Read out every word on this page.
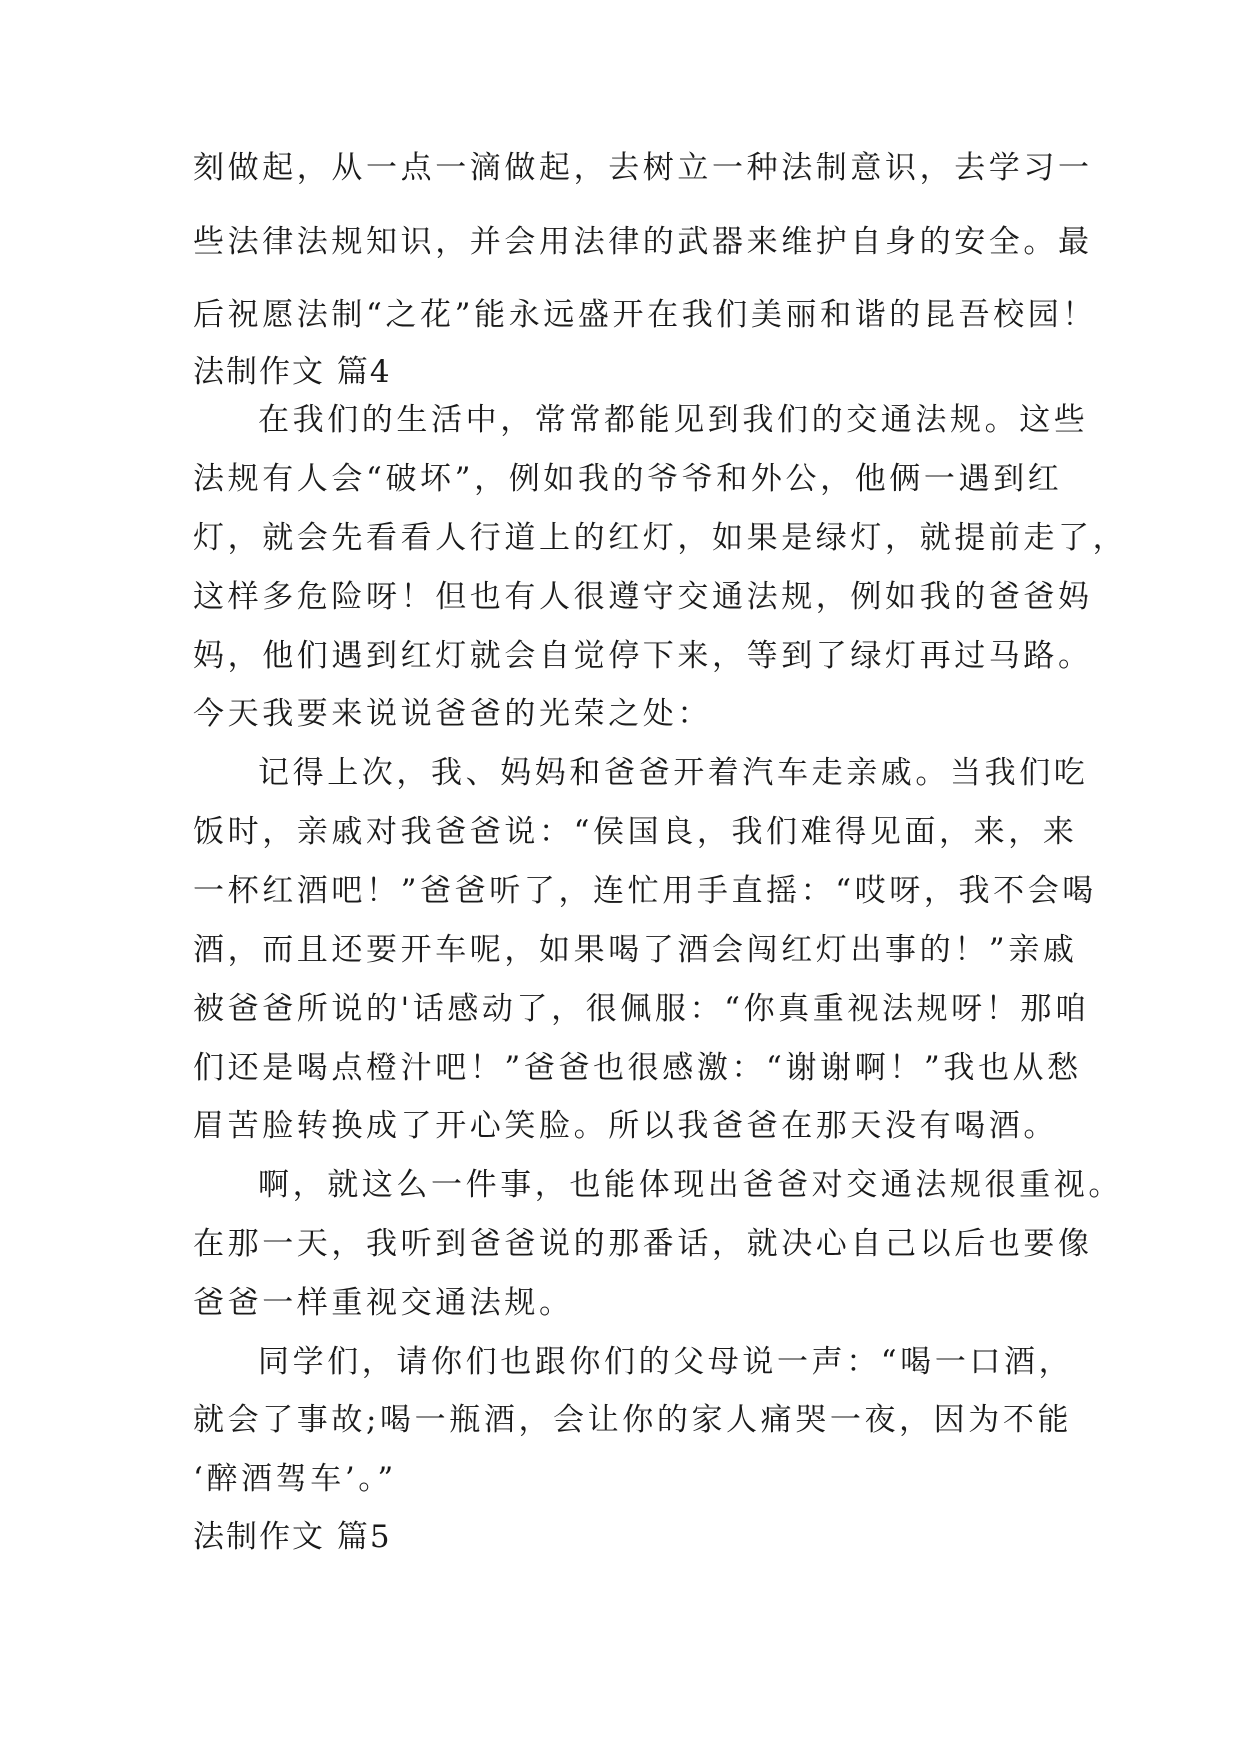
刻做起，从一点一滴做起，去树立一种法制意识，去学习一
些法律法规知识，并会用法律的武器来维护自身的安全。最
后祝愿法制“之花”能永远盛开在我们美丽和谐的昆吾校园！
法制作文 篇4
在我们的生活中，常常都能见到我们的交通法规。这些
法规有人会“破坏”，例如我的爷爷和外公，他俩一遇到红
灯，就会先看看人行道上的红灯，如果是绿灯，就提前走了，
这样多危险呀！但也有人很遵守交通法规，例如我的爸爸妈
妈，他们遇到红灯就会自觉停下来，等到了绿灯再过马路。
今天我要来说说爸爸的光荣之处：
记得上次，我、妈妈和爸爸开着汽车走亲戚。当我们吃
饭时，亲戚对我爸爸说：“侯国良，我们难得见面，来，来
一杯红酒吧！”爸爸听了，连忙用手直摇：“哎呀，我不会喝
酒，而且还要开车呢，如果喝了酒会闯红灯出事的！”亲戚
被爸爸所说的'话感动了，很佩服：“你真重视法规呀！那咱
们还是喝点橙汁吧！”爸爸也很感激：“谢谢啊！”我也从愁
眉苦脸转换成了开心笑脸。所以我爸爸在那天没有喝酒。
啊，就这么一件事，也能体现出爸爸对交通法规很重视。
在那一天，我听到爸爸说的那番话，就决心自己以后也要像
爸爸一样重视交通法规。
同学们，请你们也跟你们的父母说一声：“喝一口酒，
就会了事故;喝一瓶酒，会让你的家人痛哭一夜，因为不能
‘醉酒驾车’。”
法制作文 篇5
